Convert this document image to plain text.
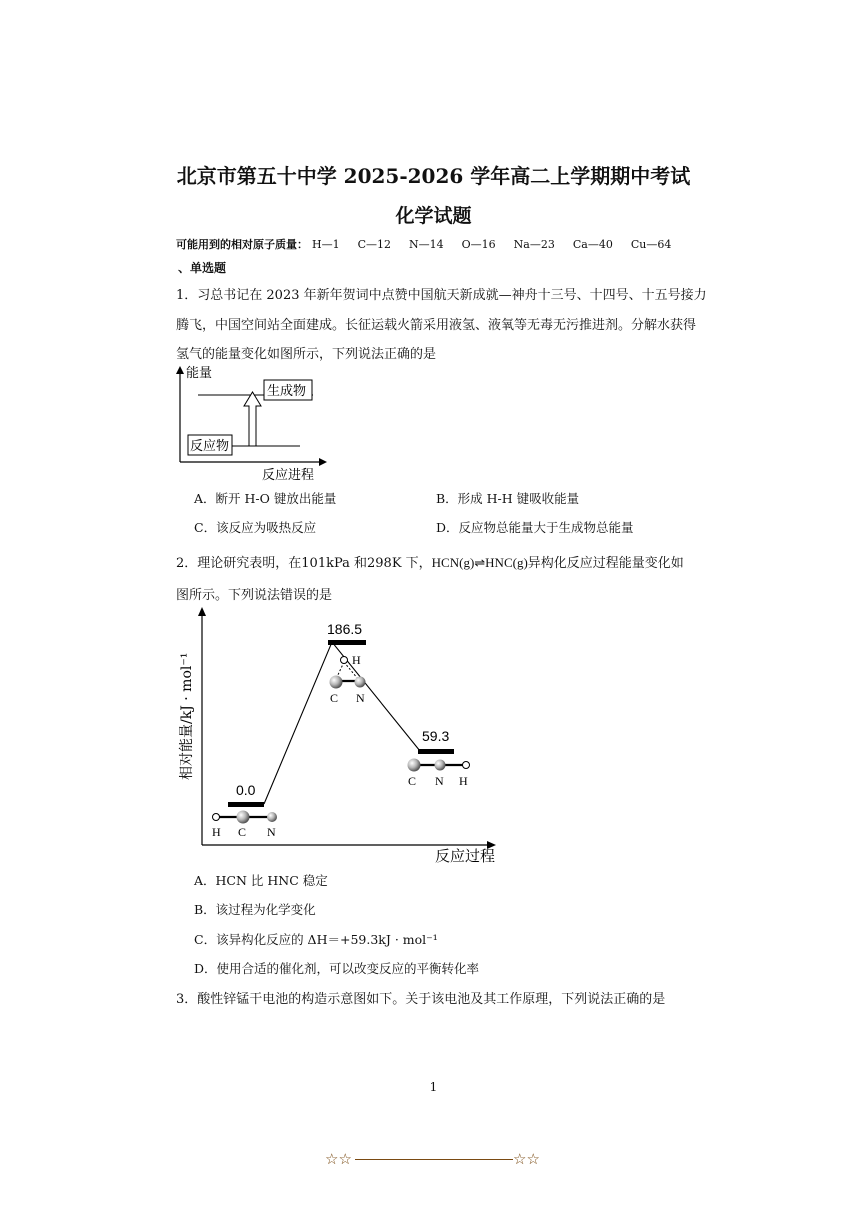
北京市第五十中学 2025-2026 学年高二上学期期中考试
化学试题
可能用到的相对原子质量： H—1 C—12 N—14 O—16 Na—23 Ca—40 Cu—64
、单选题
1．习总书记在 2023 年新年贺词中点赞中国航天新成就—神舟十三号、十四号、十五号接力
腾飞，中国空间站全面建成。长征运载火箭采用液氢、液氧等无毒无污推进剂。分解水获得
氢气的能量变化如图所示，下列说法正确的是
能量
生成物
反应物
反应进程
A．断开 H-O 键放出能量	B．形成 H-H 键吸收能量
C．该反应为吸热反应	D．反应物总能量大于生成物总能量
2．理论研究表明，在101kPa 和298K 下，HCN(g)⇌HNC(g)异构化反应过程能量变化如
图所示。下列说法错误的是
相对能量/kJ · mol⁻¹
0.0
186.5
59.3
H C N
H
C N
C N H
反应过程
A．HCN 比 HNC 稳定
B．该过程为化学变化
C．该异构化反应的 ΔH＝+59.3kJ · mol⁻¹
D．使用合适的催化剂，可以改变反应的平衡转化率
3．酸性锌锰干电池的构造示意图如下。关于该电池及其工作原理，下列说法正确的是
1
☆☆	☆☆
